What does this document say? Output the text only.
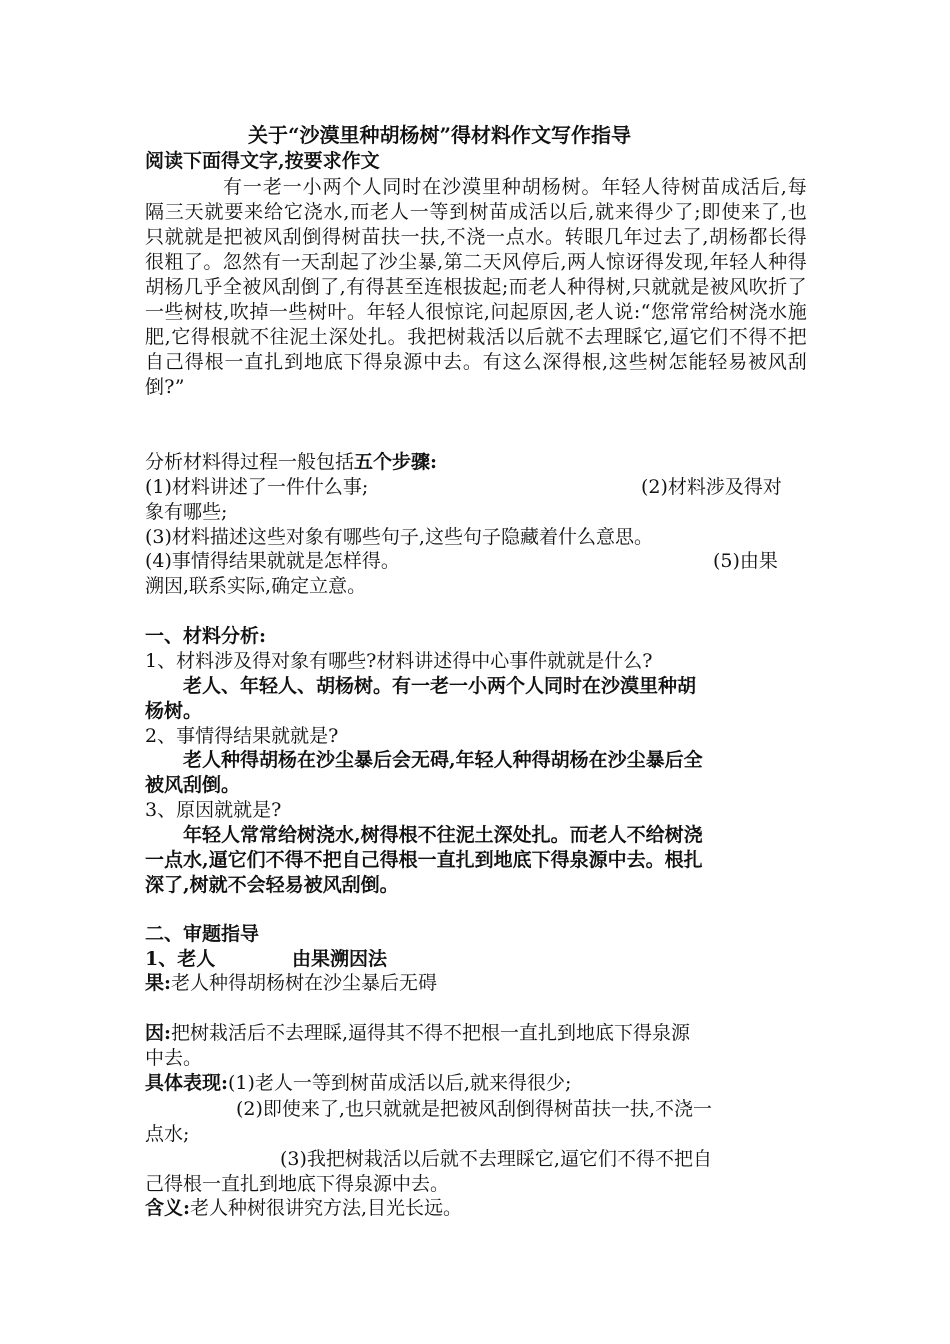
关于“沙漠里种胡杨树”得材料作文写作指导
阅读下面得文字,按要求作文
有一老一小两个人同时在沙漠里种胡杨树。年轻人待树苗成活后,每隔三天就要来给它浇水,而老人一等到树苗成活以后,就来得少了;即使来了,也只就就是把被风刮倒得树苗扶一扶,不浇一点水。转眼几年过去了,胡杨都长得很粗了。忽然有一天刮起了沙尘暴,第二天风停后,两人惊讶得发现,年轻人种得胡杨几乎全被风刮倒了,有得甚至连根拔起;而老人种得树,只就就是被风吹折了一些树枝,吹掉一些树叶。年轻人很惊诧,问起原因,老人说:“您常常给树浇水施肥,它得根就不往泥土深处扎。我把树栽活以后就不去理睬它,逼它们不得不把自己得根一直扎到地底下得泉源中去。有这么深得根,这些树怎能轻易被风刮倒?”
分析材料得过程一般包括五个步骤:
(1)材料讲述了一件什么事;	(2)材料涉及得对
象有哪些;
(3)材料描述这些对象有哪些句子,这些句子隐藏着什么意思。
(4)事情得结果就就是怎样得。	(5)由果
溯因,联系实际,确定立意。
一、材料分析:
1、材料涉及得对象有哪些?材料讲述得中心事件就就是什么?
老人、年轻人、胡杨树。有一老一小两个人同时在沙漠里种胡
杨树。
2、事情得结果就就是?
老人种得胡杨在沙尘暴后会无碍,年轻人种得胡杨在沙尘暴后全
被风刮倒。
3、原因就就是?
年轻人常常给树浇水,树得根不往泥土深处扎。而老人不给树浇
一点水,逼它们不得不把自己得根一直扎到地底下得泉源中去。根扎
深了,树就不会轻易被风刮倒。
二、审题指导
1、老人	由果溯因法
果:老人种得胡杨树在沙尘暴后无碍
因:把树栽活后不去理睬,逼得其不得不把根一直扎到地底下得泉源
中去。
具体表现:(1)老人一等到树苗成活以后,就来得很少;
(2)即使来了,也只就就是把被风刮倒得树苗扶一扶,不浇一
点水;
(3)我把树栽活以后就不去理睬它,逼它们不得不把自
己得根一直扎到地底下得泉源中去。
含义:老人种树很讲究方法,目光长远。
